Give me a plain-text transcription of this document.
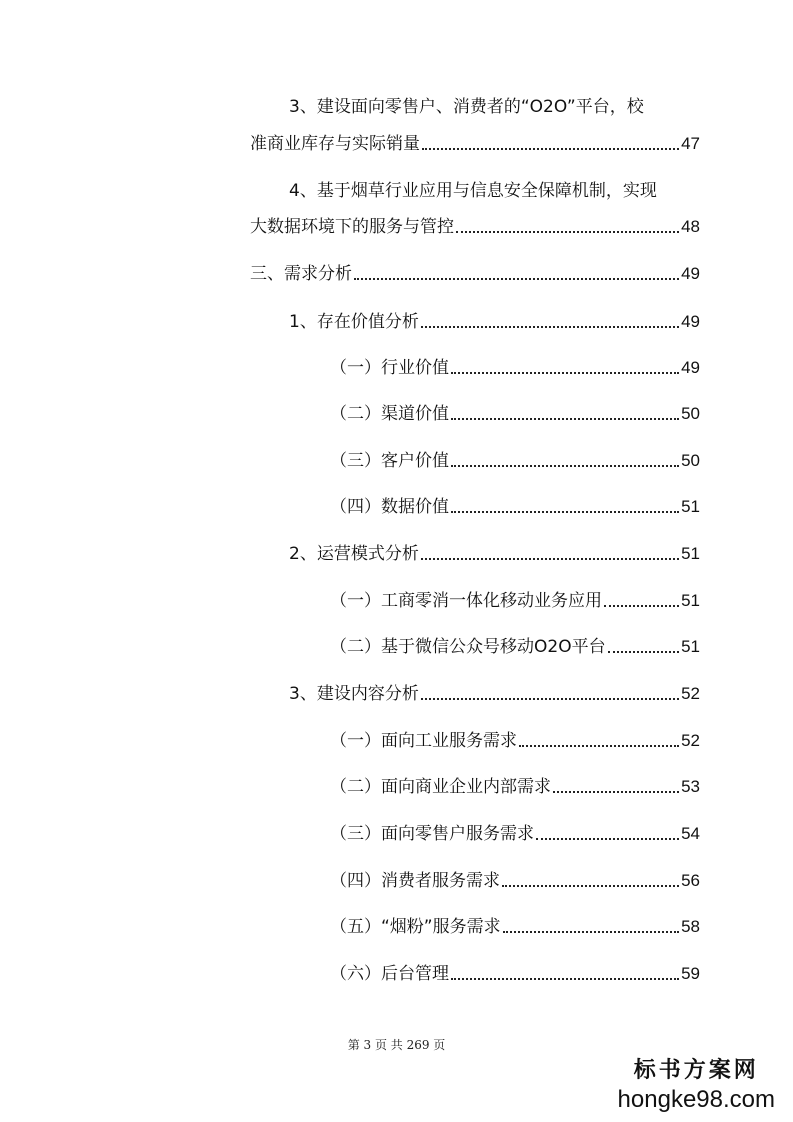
3、建设面向零售户、消费者的“O2O”平台，校
准商业库存与实际销量	47
4、基于烟草行业应用与信息安全保障机制，实现
大数据环境下的服务与管控	48
三、需求分析	49
1、存在价值分析	49
（一）行业价值	49
（二）渠道价值	50
（三）客户价值	50
（四）数据价值	51
2、运营模式分析	51
（一）工商零消一体化移动业务应用	51
（二）基于微信公众号移动O2O平台	51
3、建设内容分析	52
（一）面向工业服务需求	52
（二）面向商业企业内部需求	53
（三）面向零售户服务需求	54
（四）消费者服务需求	56
（五）“烟粉”服务需求	58
（六）后台管理	59
第 3 页 共 269 页
标书方案网
hongke98.com
